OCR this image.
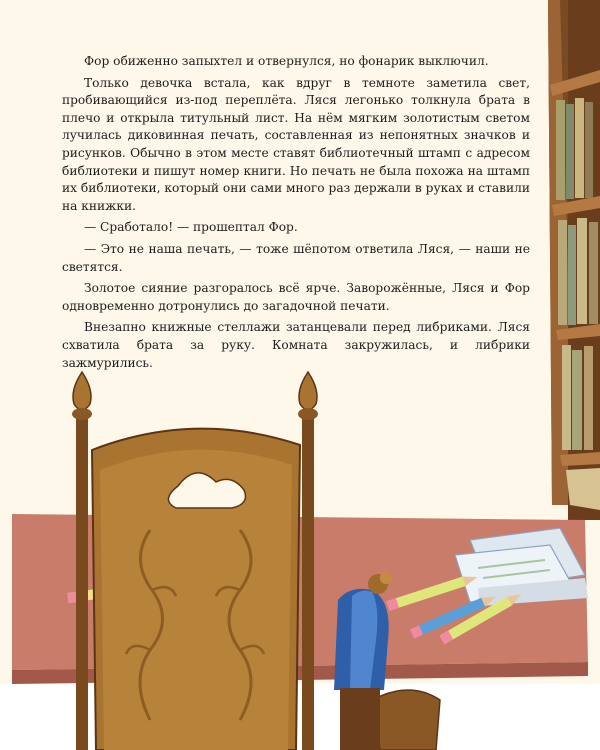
Фор обиженно запыхтел и отвернулся, но фонарик выключил.

Только девочка встала, как вдруг в темноте заметила свет, пробивающийся из-под переплёта. Ляся легонько толкнула брата в плечо и открыла титульный лист. На нём мягким золотистым светом лучилась диковинная печать, составленная из непонятных значков и рисунков. Обычно в этом месте ставят библиотечный штамп с адресом библиотеки и пишут номер книги. Но печать не была похожа на штамп их библиотеки, который они сами много раз держали в руках и ставили на книжки.

— Сработало! — прошептал Фор.

— Это не наша печать, — тоже шёпотом ответила Ляся, — наши не светятся.

Золотое сияние разгоралось всё ярче. Заворожённые, Ляся и Фор одновременно дотронулись до загадочной печати.

Внезапно книжные стеллажи затанцевали перед либриками. Ляся схватила брата за руку. Комната закружилась, и либрики зажмурились.
